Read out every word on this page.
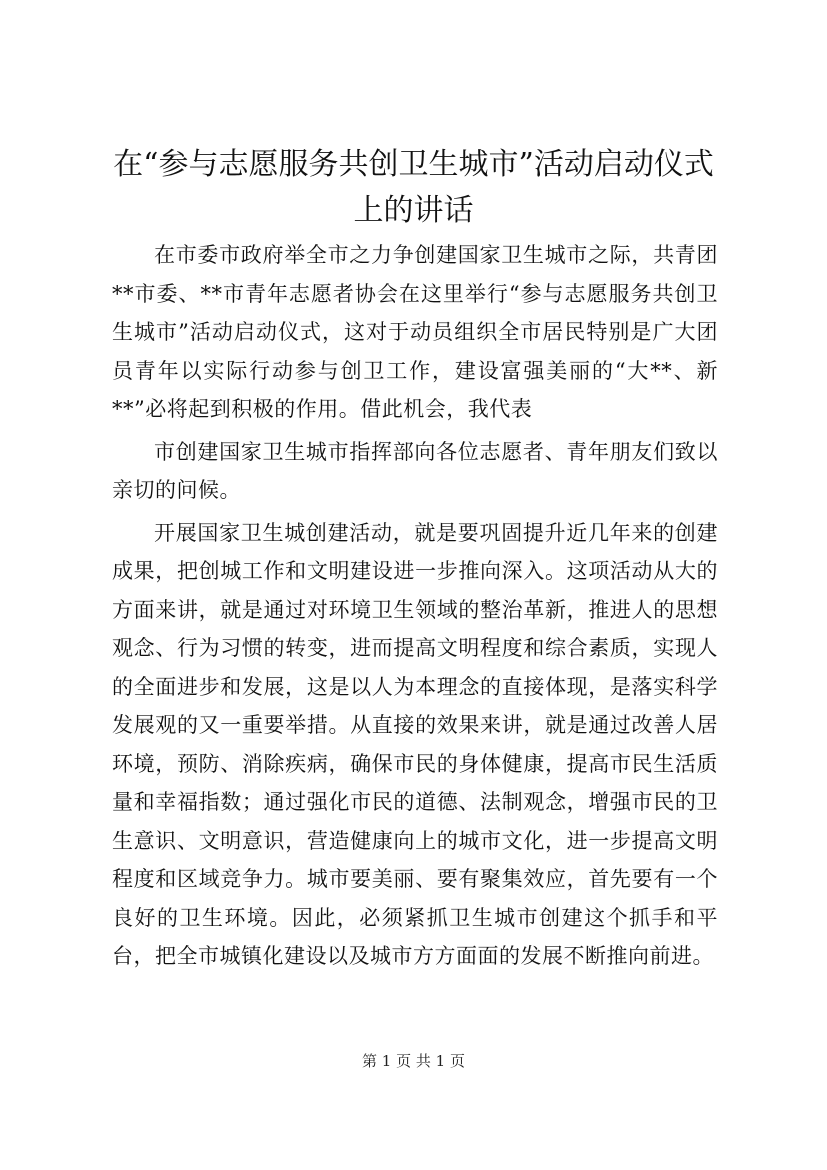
在“参与志愿服务共创卫生城市”活动启动仪式上的讲话

在市委市政府举全市之力争创建国家卫生城市之际，共青团**市委、**市青年志愿者协会在这里举行“参与志愿服务共创卫生城市”活动启动仪式，这对于动员组织全市居民特别是广大团员青年以实际行动参与创卫工作，建设富强美丽的“大**、新**”必将起到积极的作用。借此机会，我代表

市创建国家卫生城市指挥部向各位志愿者、青年朋友们致以亲切的问候。

开展国家卫生城创建活动，就是要巩固提升近几年来的创建成果，把创城工作和文明建设进一步推向深入。这项活动从大的方面来讲，就是通过对环境卫生领域的整治革新，推进人的思想观念、行为习惯的转变，进而提高文明程度和综合素质，实现人的全面进步和发展，这是以人为本理念的直接体现，是落实科学发展观的又一重要举措。从直接的效果来讲，就是通过改善人居环境，预防、消除疾病，确保市民的身体健康，提高市民生活质量和幸福指数；通过强化市民的道德、法制观念，增强市民的卫生意识、文明意识，营造健康向上的城市文化，进一步提高文明程度和区域竞争力。城市要美丽、要有聚集效应，首先要有一个良好的卫生环境。因此，必须紧抓卫生城市创建这个抓手和平台，把全市城镇化建设以及城市方方面面的发展不断推向前进。

第 1 页 共 1 页
